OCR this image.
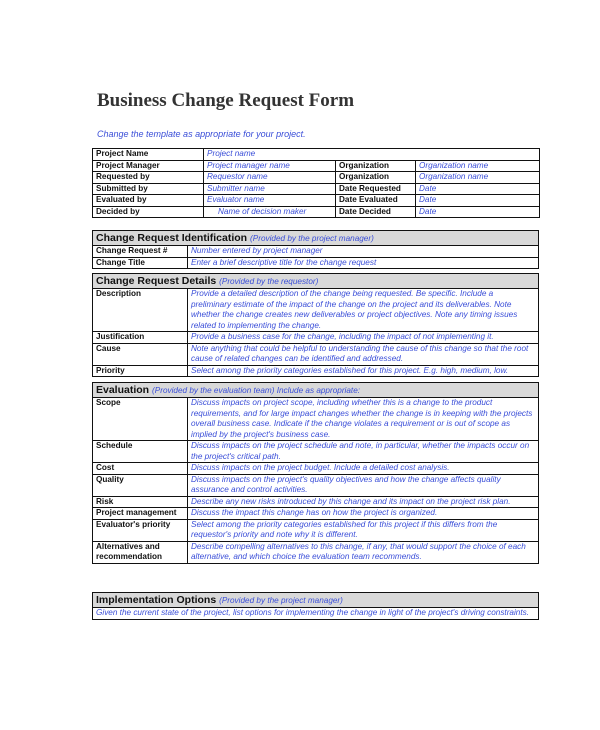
Business Change Request Form
Change the template as appropriate for your project.
Project Name	Project name		
Project Manager	Project manager name	Organization	Organization name
Requested by	Requestor name	Organization	Organization name
Submitted by	Submitter name	Date Requested	Date
Evaluated by	Evaluator name	Date Evaluated	Date
Decided by	Name of decision maker	Date Decided	Date
Change Request Identification (Provided by the project manager)	
Change Request #	Number entered by project manager
Change Title	Enter a brief descriptive title for the change request
Change Request Details (Provided by the requestor)	
Description	Provide a detailed description of the change being requested. Be specific. Include a preliminary estimate of the impact of the change on the project and its deliverables. Note whether the change creates new deliverables or project objectives. Note any timing issues related to implementing the change.
Justification	Provide a business case for the change, including the impact of not implementing it.
Cause	Note anything that could be helpful to understanding the cause of this change so that the root cause of related changes can be identified and addressed.
Priority	Select among the priority categories established for this project. E.g. high, medium, low.
Evaluation (Provided by the evaluation team) Include as appropriate:	
Scope	Discuss impacts on project scope, including whether this is a change to the product requirements, and for large impact changes whether the change is in keeping with the projects overall business case. Indicate if the change violates a requirement or is out of scope as implied by the project's business case.
Schedule	Discuss impacts on the project schedule and note, in particular, whether the impacts occur on the project's critical path.
Cost	Discuss impacts on the project budget. Include a detailed cost analysis.
Quality	Discuss impacts on the project's quality objectives and how the change affects quality assurance and control activities.
Risk	Describe any new risks introduced by this change and its impact on the project risk plan.
Project management	Discuss the impact this change has on how the project is organized.
Evaluator's priority	Select among the priority categories established for this project if this differs from the requestor's priority and note why it is different.
Alternatives and recommendation	Describe compelling alternatives to this change, if any, that would support the choice of each alternative, and which choice the evaluation team recommends.
Implementation Options (Provided by the project manager)
Given the current state of the project, list options for implementing the change in light of the project's driving constraints.
